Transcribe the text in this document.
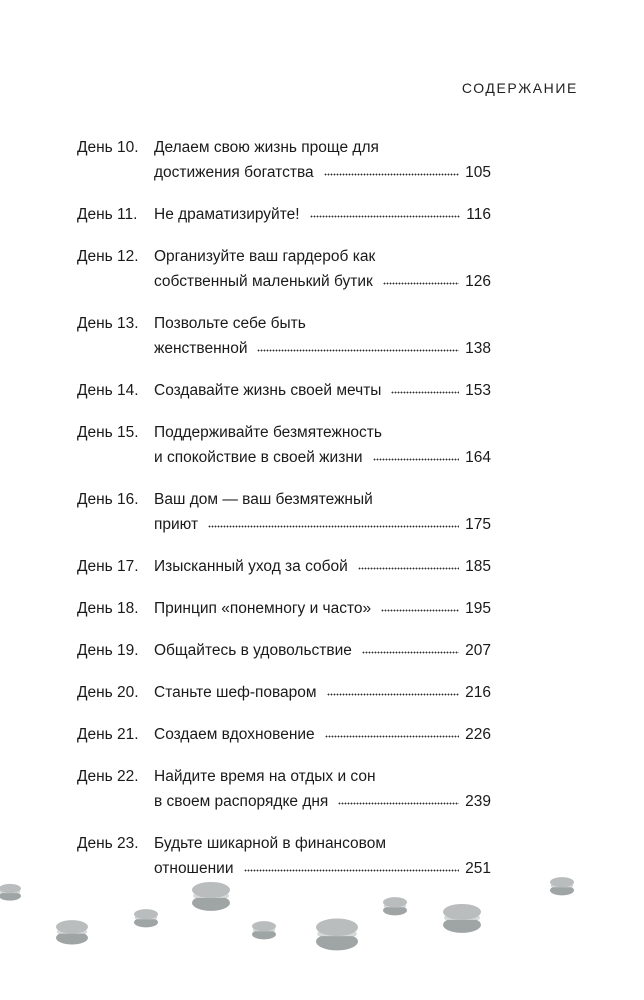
СОДЕРЖАНИЕ
День 10. Делаем свою жизнь проще для
достижения богатства	105
День 11.	Не драматизируйте!	116
День 12. Организуйте ваш гардероб как
собственный маленький бутик	126
День 13. Позвольте себе быть
женственной	138
День 14. Создавайте жизнь своей мечты	153
День 15. Поддерживайте безмятежность
и спокойствие в своей жизни	164
День 16. Ваш дом — ваш безмятежный
приют	175
День 17. Изысканный уход за собой	185
День 18. Принцип «понемногу и часто»	195
День 19. Общайтесь в удовольствие	207
День 20. Станьте шеф-поваром	216
День 21. Создаем вдохновение	226
День 22. Найдите время на отдых и сон
в своем распорядке дня	239
День 23. Будьте шикарной в финансовом
отношении	251
